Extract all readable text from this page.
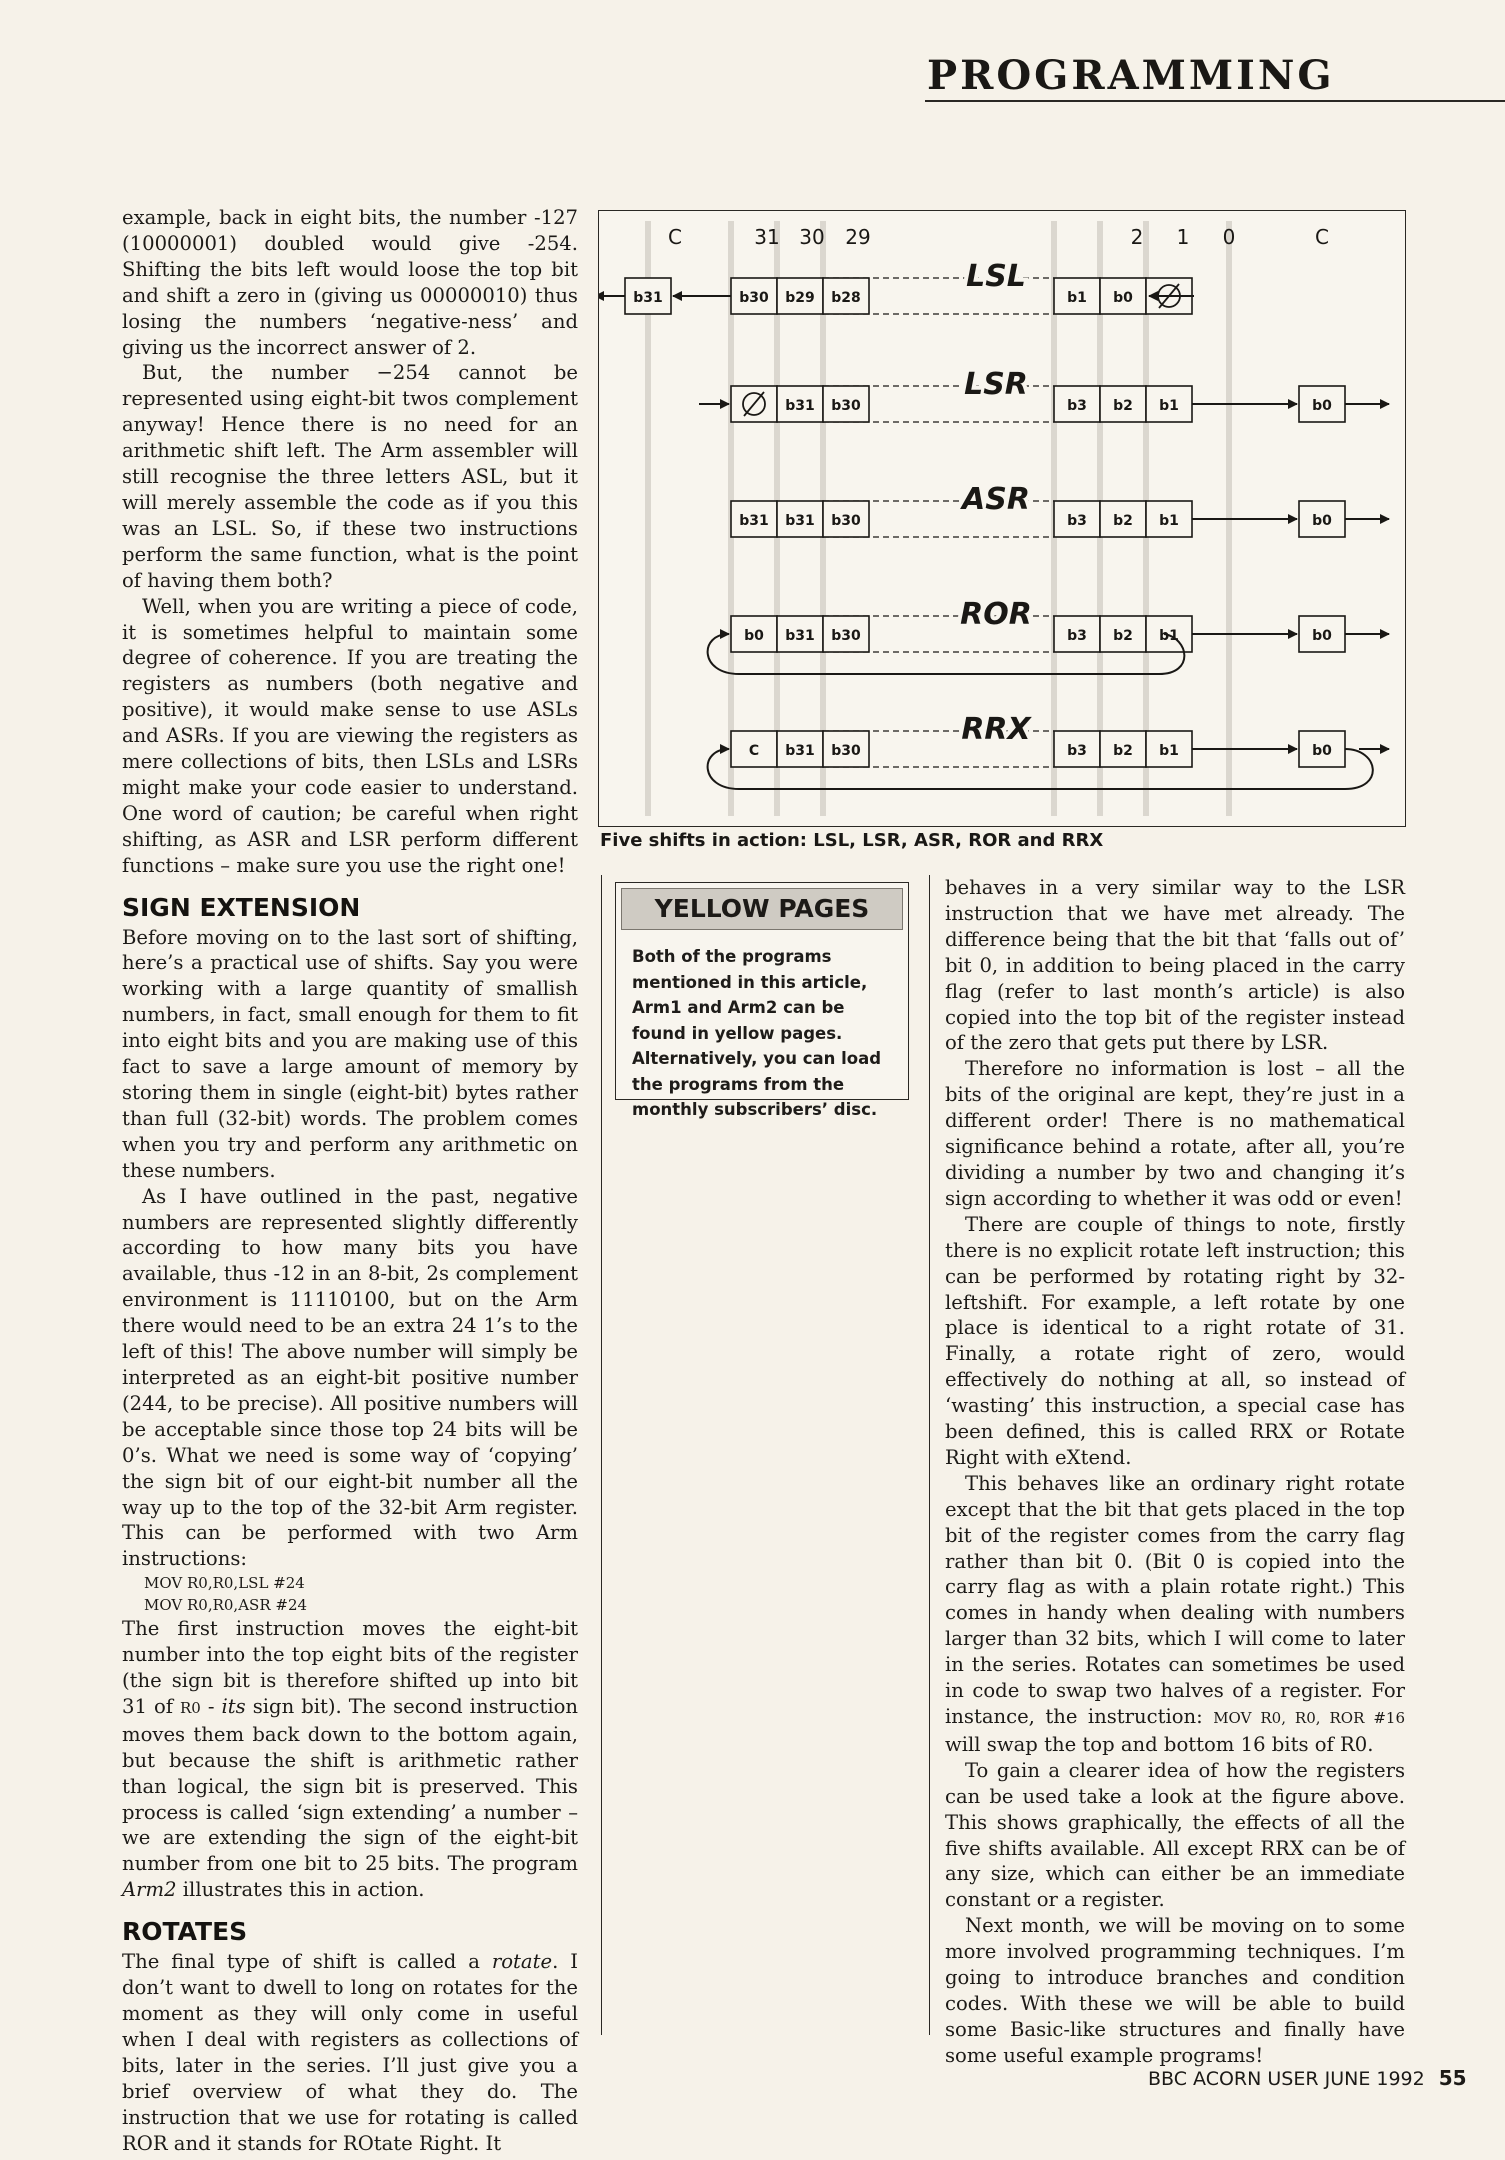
PROGRAMMING

example, back in eight bits, the number -127 (10000001) doubled would give -254. Shifting the bits left would loose the top bit and shift a zero in (giving us 00000010) thus losing the numbers ‘negative-ness’ and giving us the incorrect answer of 2.

But, the number −254 cannot be represented using eight-bit twos complement anyway! Hence there is no need for an arithmetic shift left. The Arm assembler will still recognise the three letters ASL, but it will merely assemble the code as if you this was an LSL. So, if these two instructions perform the same function, what is the point of having them both?

Well, when you are writing a piece of code, it is sometimes helpful to maintain some degree of coherence. If you are treating the registers as numbers (both negative and positive), it would make sense to use ASLs and ASRs. If you are viewing the registers as mere collections of bits, then LSLs and LSRs might make your code easier to understand. One word of caution; be careful when right shifting, as ASR and LSR perform different functions – make sure you use the right one!

SIGN EXTENSION

Before moving on to the last sort of shifting, here’s a practical use of shifts. Say you were working with a large quantity of smallish numbers, in fact, small enough for them to fit into eight bits and you are making use of this fact to save a large amount of memory by storing them in single (eight-bit) bytes rather than full (32-bit) words. The problem comes when you try and perform any arithmetic on these numbers.

As I have outlined in the past, negative numbers are represented slightly differently according to how many bits you have available, thus -12 in an 8-bit, 2s complement environment is 11110100, but on the Arm there would need to be an extra 24 1’s to the left of this! The above number will simply be interpreted as an eight-bit positive number (244, to be precise). All positive numbers will be acceptable since those top 24 bits will be 0’s. What we need is some way of ‘copying’ the sign bit of our eight-bit number all the way up to the top of the 32-bit Arm register. This can be performed with two Arm instructions:

MOV R0,R0,LSL #24
MOV R0,R0,ASR #24

The first instruction moves the eight-bit number into the top eight bits of the register (the sign bit is therefore shifted up into bit 31 of R0 - its sign bit). The second instruction moves them back down to the bottom again, but because the shift is arithmetic rather than logical, the sign bit is preserved. This process is called ‘sign extending’ a number – we are extending the sign of the eight-bit number from one bit to 25 bits. The program Arm2 illustrates this in action.

ROTATES

The final type of shift is called a rotate. I don’t want to dwell to long on rotates for the moment as they will only come in useful when I deal with registers as collections of bits, later in the series. I’ll just give you a brief overview of what they do. The instruction that we use for rotating is called ROR and it stands for ROtate Right. It

C	31 30 29	2 1 0	C
LSL
b30 b29 b28	b1 b0
b31
LSR
b31 b30	b3 b2 b1	b0
ASR
b31 b31 b30	b3 b2 b1	b0
ROR
b0 b31 b30	b3 b2 b1	b0
RRX
C b31 b30	b3 b2 b1	b0
Five shifts in action: LSL, LSR, ASR, ROR and RRX
YELLOW PAGES
Both of the programs mentioned in this article, Arm1 and Arm2 can be found in yellow pages. Alternatively, you can load the programs from the monthly subscribers’ disc.

behaves in a very similar way to the LSR instruction that we have met already. The difference being that the bit that ‘falls out of’ bit 0, in addition to being placed in the carry flag (refer to last month’s article) is also copied into the top bit of the register instead of the zero that gets put there by LSR.

Therefore no information is lost – all the bits of the original are kept, they’re just in a different order! There is no mathematical significance behind a rotate, after all, you’re dividing a number by two and changing it’s sign according to whether it was odd or even!

There are couple of things to note, firstly there is no explicit rotate left instruction; this can be performed by rotating right by 32-leftshift. For example, a left rotate by one place is identical to a right rotate of 31. Finally, a rotate right of zero, would effectively do nothing at all, so instead of ‘wasting’ this instruction, a special case has been defined, this is called RRX or Rotate Right with eXtend.

This behaves like an ordinary right rotate except that the bit that gets placed in the top bit of the register comes from the carry flag rather than bit 0. (Bit 0 is copied into the carry flag as with a plain rotate right.) This comes in handy when dealing with numbers larger than 32 bits, which I will come to later in the series. Rotates can sometimes be used in code to swap two halves of a register. For instance, the instruction: MOV R0, R0, ROR #16 will swap the top and bottom 16 bits of R0.

To gain a clearer idea of how the registers can be used take a look at the figure above. This shows graphically, the effects of all the five shifts available. All except RRX can be of any size, which can either be an immediate constant or a register.

Next month, we will be moving on to some more involved programming techniques. I’m going to introduce branches and condition codes. With these we will be able to build some Basic-like structures and finally have some useful example programs!

BBC ACORN USER JUNE 1992 55
